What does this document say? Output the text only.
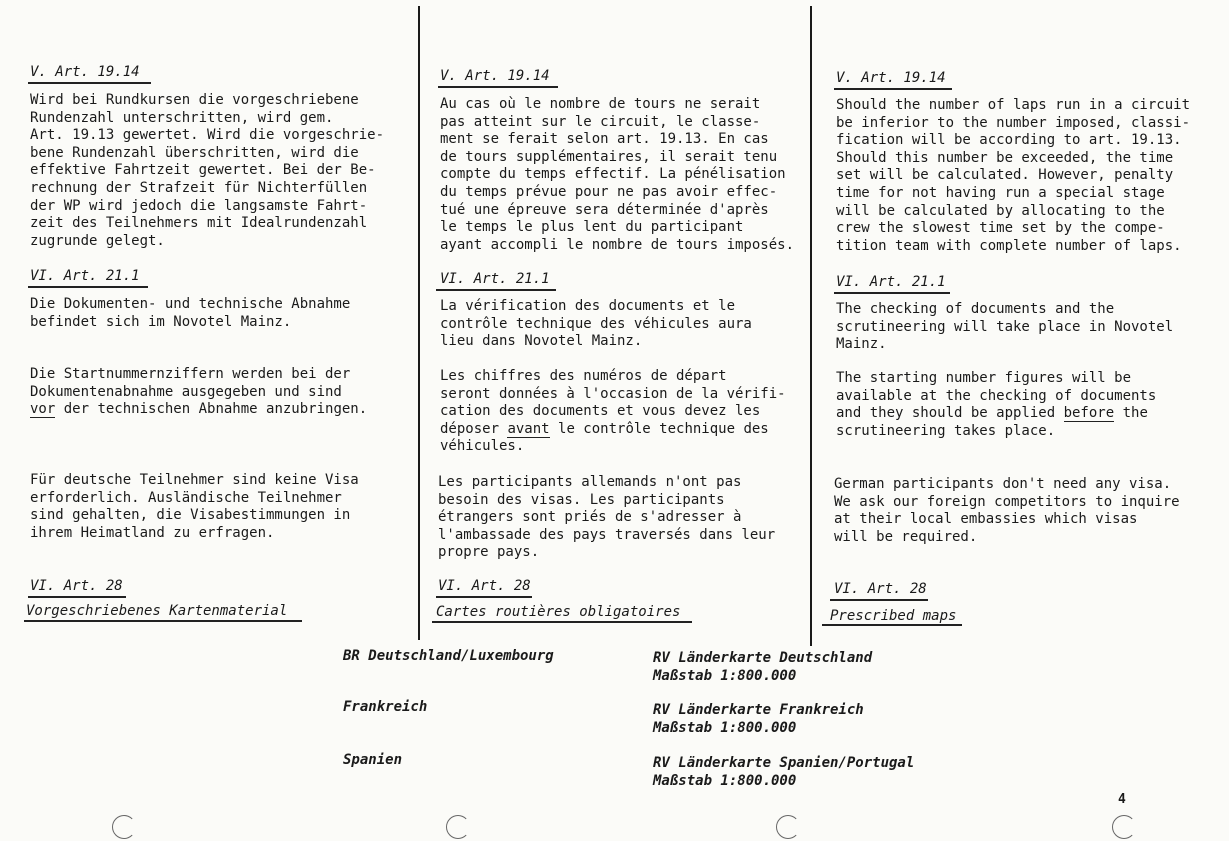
V. Art. 19.14
Wird bei Rundkursen die vorgeschriebene
Rundenzahl unterschritten, wird gem.
Art. 19.13 gewertet. Wird die vorgeschrie-
bene Rundenzahl überschritten, wird die
effektive Fahrtzeit gewertet. Bei der Be-
rechnung der Strafzeit für Nichterfüllen
der WP wird jedoch die langsamste Fahrt-
zeit des Teilnehmers mit Idealrundenzahl
zugrunde gelegt.
VI. Art. 21.1
Die Dokumenten- und technische Abnahme
befindet sich im Novotel Mainz.
Die Startnummernziffern werden bei der
Dokumentenabnahme ausgegeben und sind
vor der technischen Abnahme anzubringen.
Für deutsche Teilnehmer sind keine Visa
erforderlich. Ausländische Teilnehmer
sind gehalten, die Visabestimmungen in
ihrem Heimatland zu erfragen.
VI. Art. 28
Vorgeschriebenes Kartenmaterial
V. Art. 19.14
Au cas où le nombre de tours ne serait
pas atteint sur le circuit, le classe-
ment se ferait selon art. 19.13. En cas
de tours supplémentaires, il serait tenu
compte du temps effectif. La pénélisation
du temps prévue pour ne pas avoir effec-
tué une épreuve sera déterminée d'après
le temps le plus lent du participant
ayant accompli le nombre de tours imposés.
VI. Art. 21.1
La vérification des documents et le
contrôle technique des véhicules aura
lieu dans Novotel Mainz.
Les chiffres des numéros de départ
seront données à l'occasion de la vérifi-
cation des documents et vous devez les
déposer avant le contrôle technique des
véhicules.
Les participants allemands n'ont pas
besoin des visas. Les participants
étrangers sont priés de s'adresser à
l'ambassade des pays traversés dans leur
propre pays.
VI. Art. 28
Cartes routières obligatoires
V. Art. 19.14
Should the number of laps run in a circuit
be inferior to the number imposed, classi-
fication will be according to art. 19.13.
Should this number be exceeded, the time
set will be calculated. However, penalty
time for not having run a special stage
will be calculated by allocating to the
crew the slowest time set by the compe-
tition team with complete number of laps.
VI. Art. 21.1
The checking of documents and the
scrutineering will take place in Novotel
Mainz.
The starting number figures will be
available at the checking of documents
and they should be applied before the
scrutineering takes place.
German participants don't need any visa.
We ask our foreign competitors to inquire
at their local embassies which visas
will be required.
VI. Art. 28
Prescribed maps
BR Deutschland/Luxembourg	RV Länderkarte Deutschland
Maßstab 1:800.000
Frankreich	RV Länderkarte Frankreich
Maßstab 1:800.000
Spanien	RV Länderkarte Spanien/Portugal
Maßstab 1:800.000
4
